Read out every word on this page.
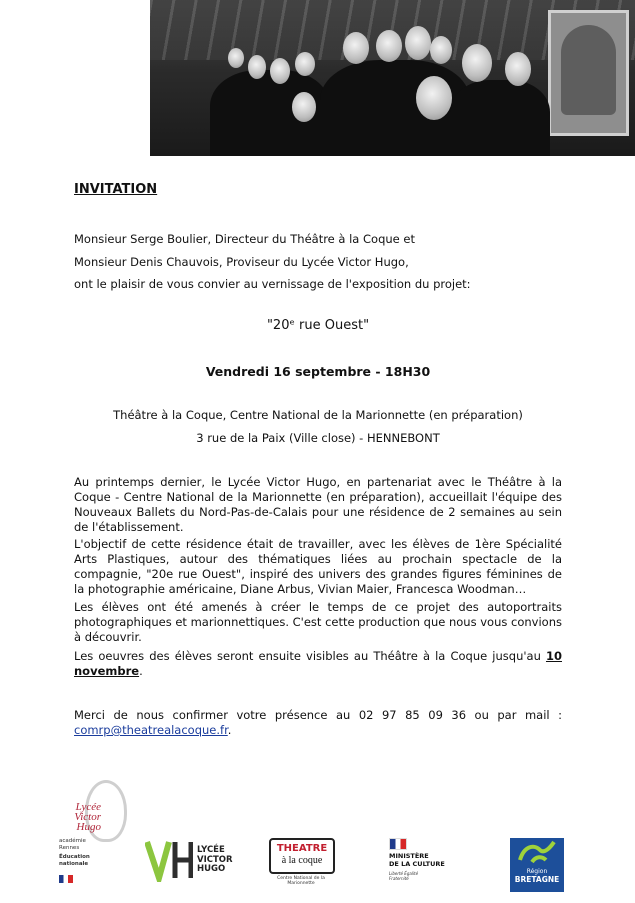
INVITATION
Monsieur Serge Boulier, Directeur du Théâtre à la Coque et
Monsieur Denis Chauvois, Proviseur du Lycée Victor Hugo,
ont le plaisir de vous convier au vernissage de l'exposition du projet:
"20ᵉ rue Ouest"
Vendredi 16 septembre - 18H30
Théâtre à la Coque, Centre National de la Marionnette (en préparation)
3 rue de la Paix (Ville close) - HENNEBONT
Au printemps dernier, le Lycée Victor Hugo, en partenariat avec le Théâtre à la Coque - Centre National de la Marionnette (en préparation), accueillait l'équipe des Nouveaux Ballets du Nord-Pas-de-Calais pour une résidence de 2 semaines au sein de l'établissement.
L'objectif de cette résidence était de travailler, avec les élèves de 1ère Spécialité Arts Plastiques, autour des thématiques liées au prochain spectacle de la compagnie, "20e rue Ouest", inspiré des univers des grandes figures féminines de la photographie américaine, Diane Arbus, Vivian Maier, Francesca Woodman…
Les élèves ont été amenés à créer le temps de ce projet des autoportraits photographiques et marionnettiques. C'est cette production que nous vous convions à découvrir.
Les oeuvres des élèves seront ensuite visibles au Théâtre à la Coque jusqu'au 10 novembre.
Merci de nous confirmer votre présence au 02 97 85 09 36 ou par mail : comrp@theatrealacoque.fr.
Lycée
Victor Hugo
académie
Rennes
Éducation
nationale
LYCÉE
VICTOR
HUGO
THEATRE
à la coque
Centre National de la Marionnette
MINISTÈRE
DE LA CULTURE
Liberté Égalité Fraternité
Région
BRETAGNE
